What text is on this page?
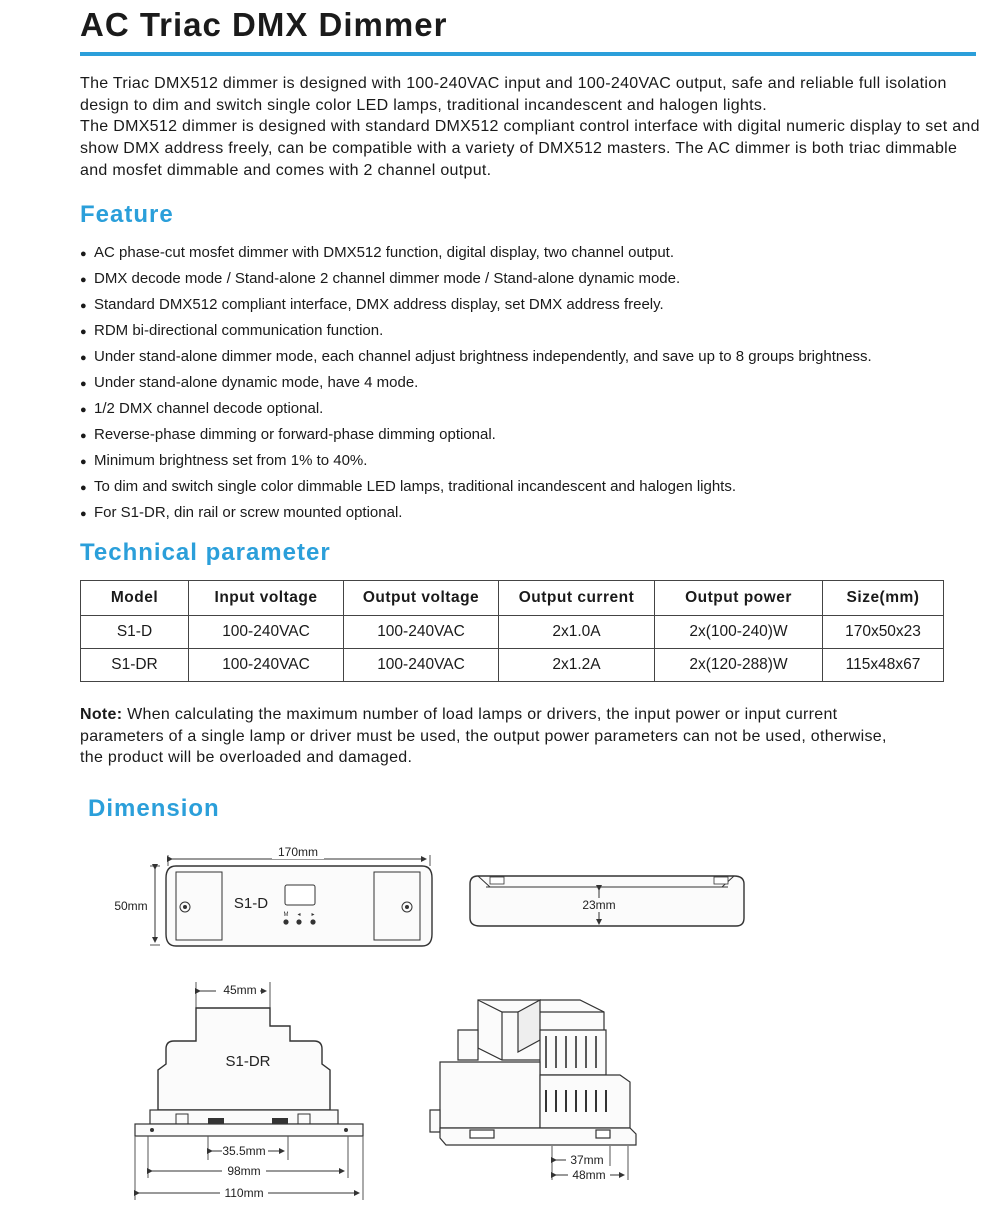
AC Triac DMX Dimmer
The Triac DMX512 dimmer is designed with 100-240VAC input and 100-240VAC output, safe and reliable full isolation design to dim and switch single color LED lamps, traditional incandescent and halogen lights.
The DMX512 dimmer is designed with standard DMX512 compliant control interface with digital numeric display to set and show DMX address freely, can be compatible with a variety of DMX512 masters. The AC dimmer is both triac dimmable and mosfet dimmable and comes with 2 channel output.
Feature
● AC phase-cut mosfet dimmer with DMX512 function, digital display, two channel output.
● DMX decode mode / Stand-alone 2 channel dimmer mode / Stand-alone dynamic mode.
● Standard DMX512 compliant interface, DMX address display, set DMX address freely.
● RDM bi-directional communication function.
● Under stand-alone dimmer mode, each channel adjust brightness independently, and save up to 8 groups brightness.
● Under stand-alone dynamic mode, have 4 mode.
● 1/2 DMX channel decode optional.
● Reverse-phase dimming or forward-phase dimming optional.
● Minimum brightness set from 1% to 40%.
● To dim and switch single color dimmable LED lamps, traditional incandescent and halogen lights.
● For S1-DR, din rail or screw mounted optional.
Technical parameter
Model	Input voltage	Output voltage	Output current	Output power	Size(mm)
S1-D	100-240VAC	100-240VAC	2x1.0A	2x(100-240)W	170x50x23
S1-DR	100-240VAC	100-240VAC	2x1.2A	2x(120-288)W	115x48x67

Note: When calculating the maximum number of load lamps or drivers, the input power or input current parameters of a single lamp or driver must be used, the output power parameters can not be used, otherwise, the product will be overloaded and damaged.

Dimension
170mm
50mm	S1-D
M ◂ ▸
23mm
45mm
S1-DR
35.5mm
98mm
110mm
37mm
48mm
